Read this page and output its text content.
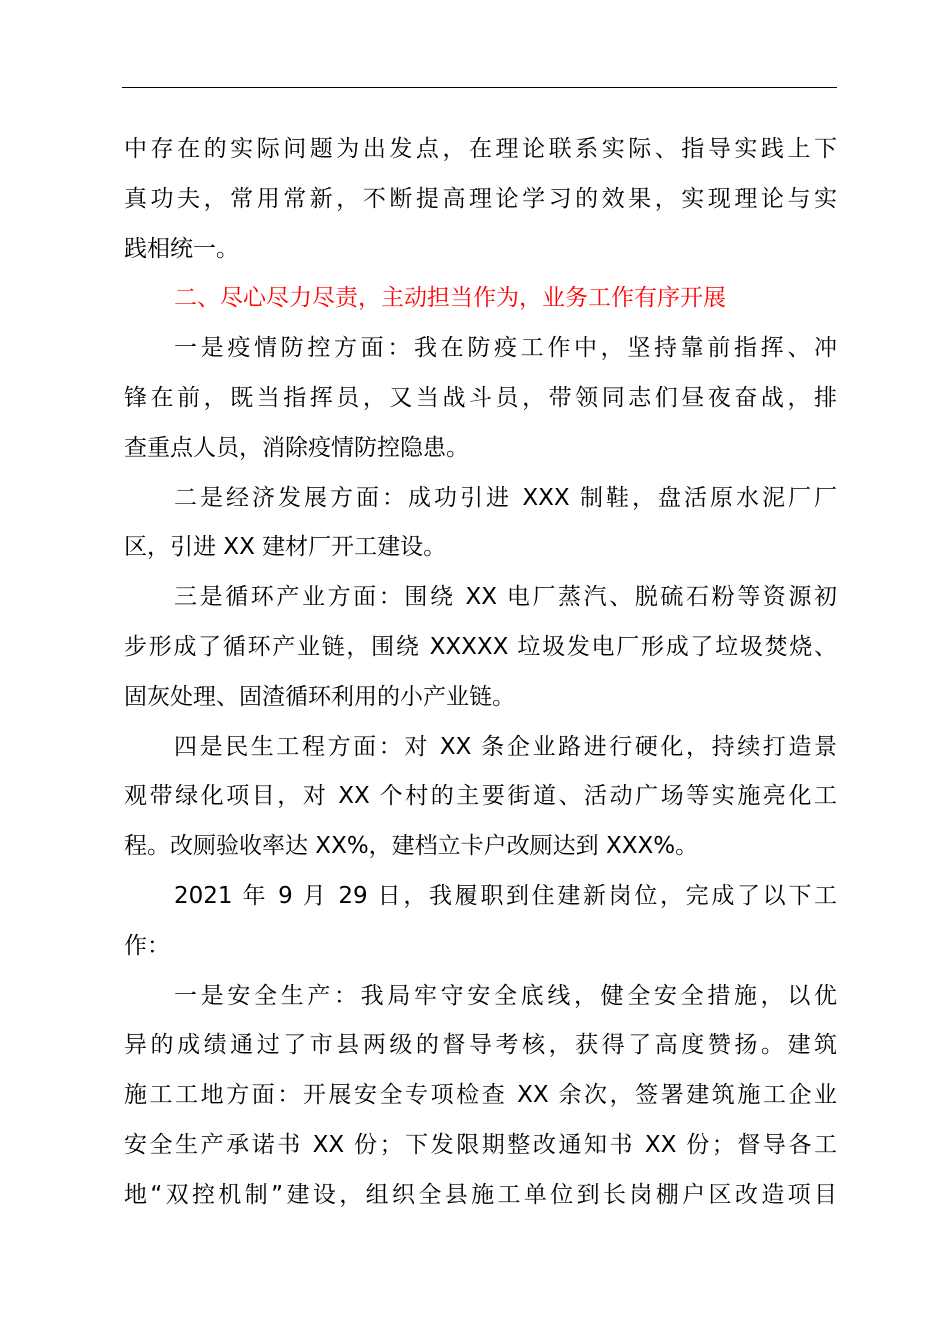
中存在的实际问题为出发点，在理论联系实际、指导实践上下
真功夫，常用常新，不断提高理论学习的效果，实现理论与实
践相统一。
二、尽心尽力尽责，主动担当作为，业务工作有序开展
一是疫情防控方面：我在防疫工作中，坚持靠前指挥、冲
锋在前，既当指挥员，又当战斗员，带领同志们昼夜奋战，排
查重点人员，消除疫情防控隐患。
二是经济发展方面：成功引进 XXX 制鞋，盘活原水泥厂厂
区，引进 XX 建材厂开工建设。
三是循环产业方面：围绕 XX 电厂蒸汽、脱硫石粉等资源初
步形成了循环产业链，围绕 XXXXX 垃圾发电厂形成了垃圾焚烧、
固灰处理、固渣循环利用的小产业链。
四是民生工程方面：对 XX 条企业路进行硬化，持续打造景
观带绿化项目，对 XX 个村的主要街道、活动广场等实施亮化工
程。改厕验收率达 XX%，建档立卡户改厕达到 XXX%。
2021 年 9 月 29 日，我履职到住建新岗位，完成了以下工
作：
一是安全生产：我局牢守安全底线，健全安全措施，以优
异的成绩通过了市县两级的督导考核，获得了高度赞扬。建筑
施工工地方面：开展安全专项检查 XX 余次，签署建筑施工企业
安全生产承诺书 XX 份；下发限期整改通知书 XX 份；督导各工
地“双控机制”建设，组织全县施工单位到长岗棚户区改造项目
